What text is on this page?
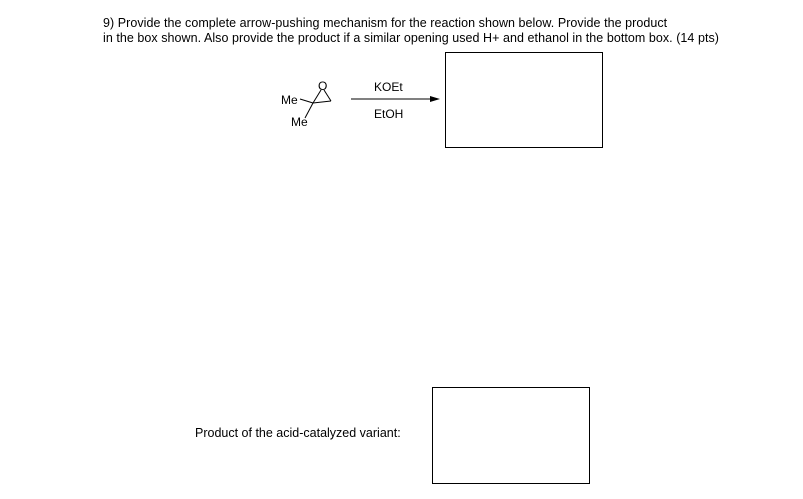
9) Provide the complete arrow-pushing mechanism for the reaction shown below. Provide the product
in the box shown. Also provide the product if a similar opening used H+ and ethanol in the bottom box. (14 pts)
O
Me
Me
KOEt
EtOH
Product of the acid-catalyzed variant:
